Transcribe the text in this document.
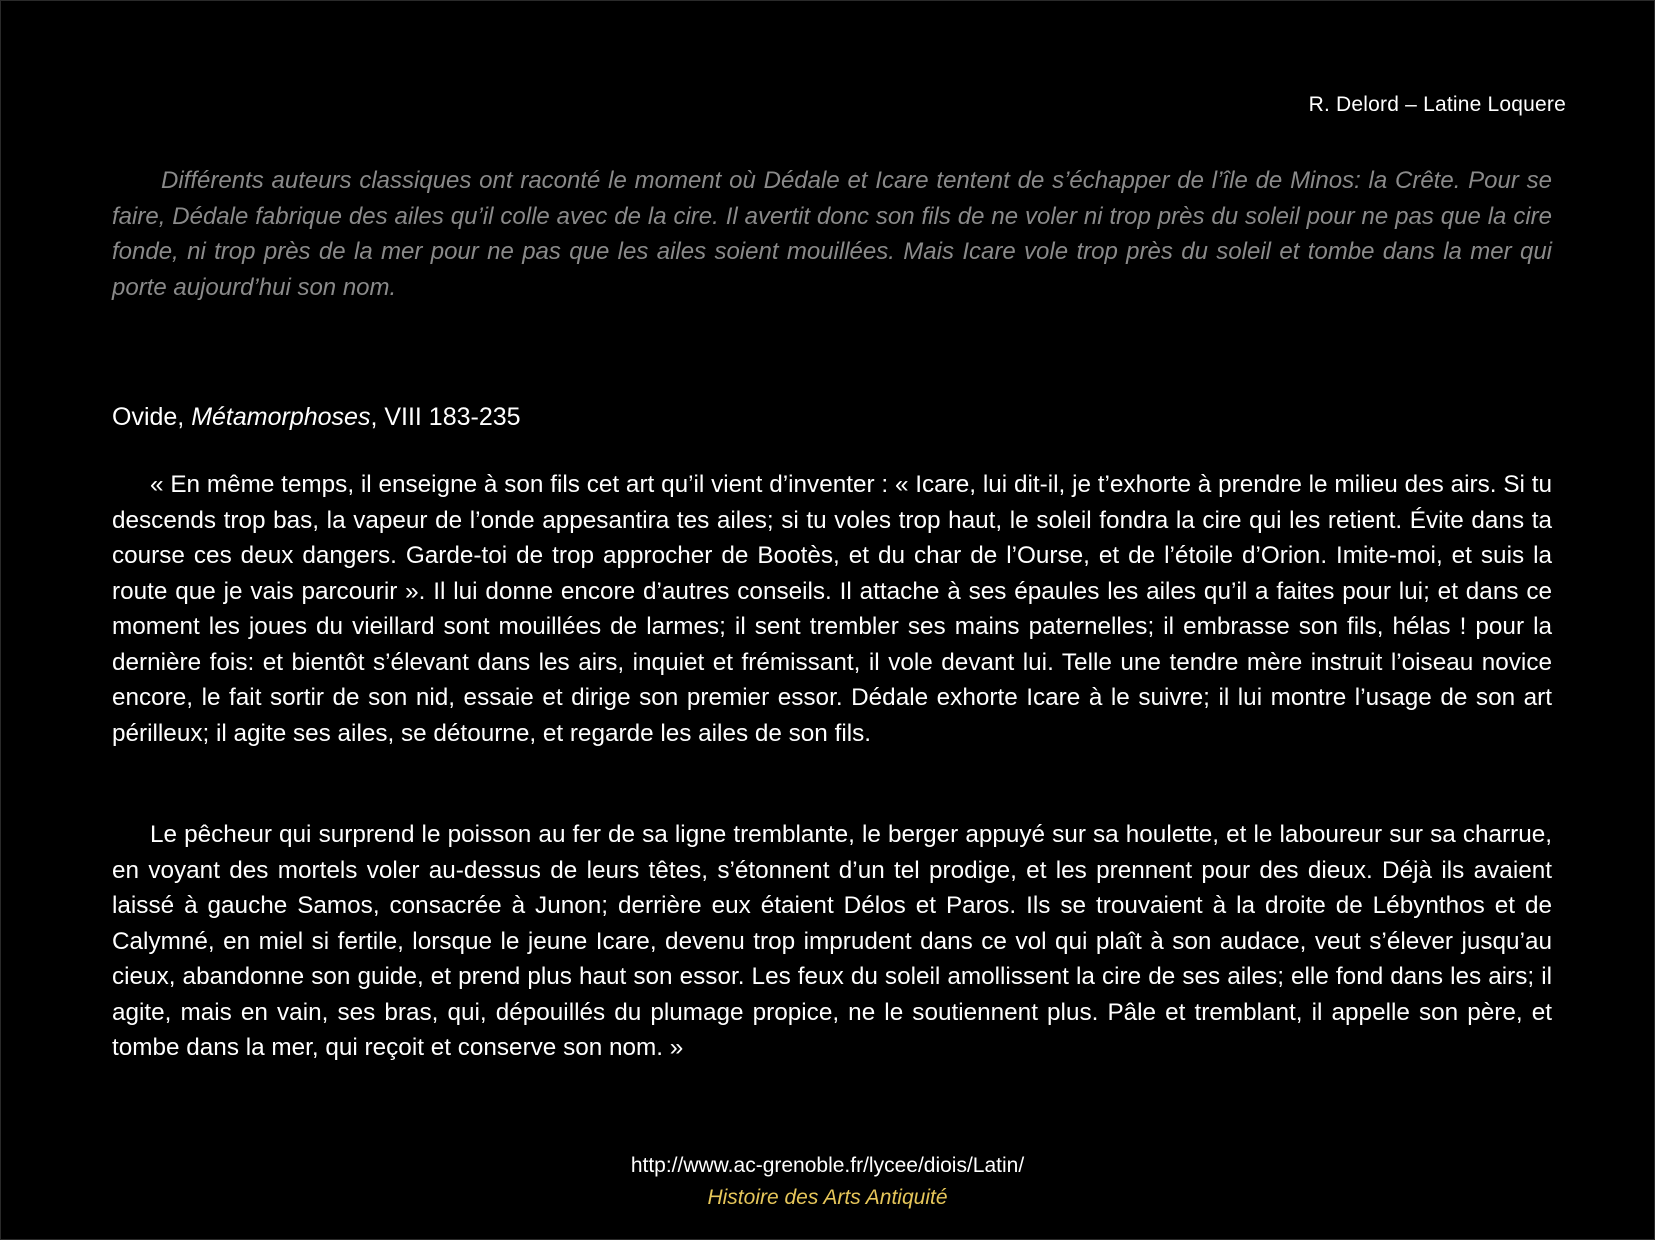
R. Delord – Latine Loquere

Différents auteurs classiques ont raconté le moment où Dédale et Icare tentent de s’échapper de l’île de Minos: la Crête. Pour se faire, Dédale fabrique des ailes qu’il colle avec de la cire. Il avertit donc son fils de ne voler ni trop près du soleil pour ne pas que la cire fonde, ni trop près de la mer pour ne pas que les ailes soient mouillées. Mais Icare vole trop près du soleil et tombe dans la mer qui porte aujourd’hui son nom.

Ovide, Métamorphoses, VIII 183-235

« En même temps, il enseigne à son fils cet art qu’il vient d’inventer : « Icare, lui dit-il, je t’exhorte à prendre le milieu des airs. Si tu descends trop bas, la vapeur de l’onde appesantira tes ailes; si tu voles trop haut, le soleil fondra la cire qui les retient. Évite dans ta course ces deux dangers. Garde-toi de trop approcher de Bootès, et du char de l’Ourse, et de l’étoile d’Orion. Imite-moi, et suis la route que je vais parcourir ». Il lui donne encore d’autres conseils. Il attache à ses épaules les ailes qu’il a faites pour lui; et dans ce moment les joues du vieillard sont mouillées de larmes; il sent trembler ses mains paternelles; il embrasse son fils, hélas ! pour la dernière fois: et bientôt s’élevant dans les airs, inquiet et frémissant, il vole devant lui. Telle une tendre mère instruit l’oiseau novice encore, le fait sortir de son nid, essaie et dirige son premier essor. Dédale exhorte Icare à le suivre; il lui montre l’usage de son art périlleux; il agite ses ailes, se détourne, et regarde les ailes de son fils.

Le pêcheur qui surprend le poisson au fer de sa ligne tremblante, le berger appuyé sur sa houlette, et le laboureur sur sa charrue, en voyant des mortels voler au-dessus de leurs têtes, s’étonnent d’un tel prodige, et les prennent pour des dieux. Déjà ils avaient laissé à gauche Samos, consacrée à Junon; derrière eux étaient Délos et Paros. Ils se trouvaient à la droite de Lébynthos et de Calymné, en miel si fertile, lorsque le jeune Icare, devenu trop imprudent dans ce vol qui plaît à son audace, veut s’élever jusqu’au cieux, abandonne son guide, et prend plus haut son essor. Les feux du soleil amollissent la cire de ses ailes; elle fond dans les airs; il agite, mais en vain, ses bras, qui, dépouillés du plumage propice, ne le soutiennent plus. Pâle et tremblant, il appelle son père, et tombe dans la mer, qui reçoit et conserve son nom. »

http://www.ac-grenoble.fr/lycee/diois/Latin/

Histoire des Arts Antiquité
